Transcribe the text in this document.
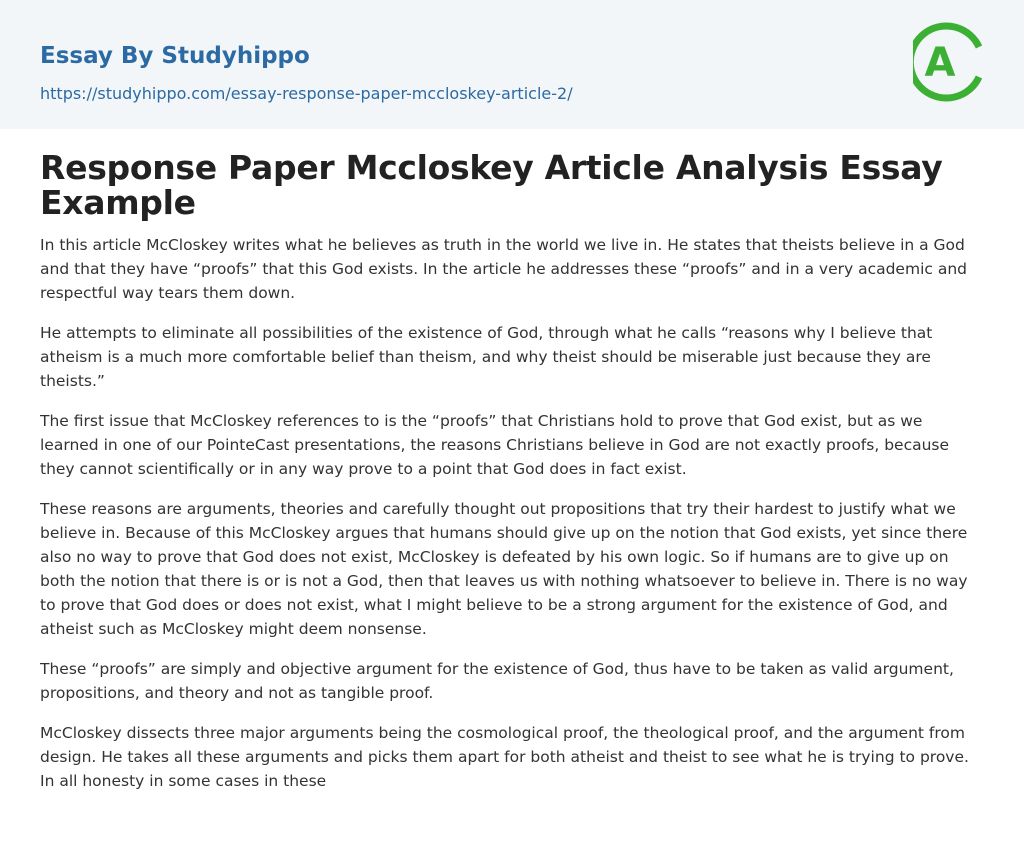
Essay By Studyhippo
https://studyhippo.com/essay-response-paper-mccloskey-article-2/
A
Response Paper Mccloskey Article Analysis Essay Example

In this article McCloskey writes what he believes as truth in the world we live in. He states that theists believe in a God and that they have “proofs” that this God exists. In the article he addresses these “proofs” and in a very academic and respectful way tears them down.

He attempts to eliminate all possibilities of the existence of God, through what he calls “reasons why I believe that atheism is a much more comfortable belief than theism, and why theist should be miserable just because they are theists.”

The first issue that McCloskey references to is the “proofs” that Christians hold to prove that God exist, but as we learned in one of our PointeCast presentations, the reasons Christians believe in God are not exactly proofs, because they cannot scientifically or in any way prove to a point that God does in fact exist.

These reasons are arguments, theories and carefully thought out propositions that try their hardest to justify what we believe in. Because of this McCloskey argues that humans should give up on the notion that God exists, yet since there also no way to prove that God does not exist, McCloskey is defeated by his own logic. So if humans are to give up on both the notion that there is or is not a God, then that leaves us with nothing whatsoever to believe in. There is no way to prove that God does or does not exist, what I might believe to be a strong argument for the existence of God, and atheist such as McCloskey might deem nonsense.

These “proofs” are simply and objective argument for the existence of God, thus have to be taken as valid argument, propositions, and theory and not as tangible proof.

McCloskey dissects three major arguments being the cosmological proof, the theological proof, and the argument from design. He takes all these arguments and picks them apart for both atheist and theist to see what he is trying to prove. In all honesty in some cases in these
